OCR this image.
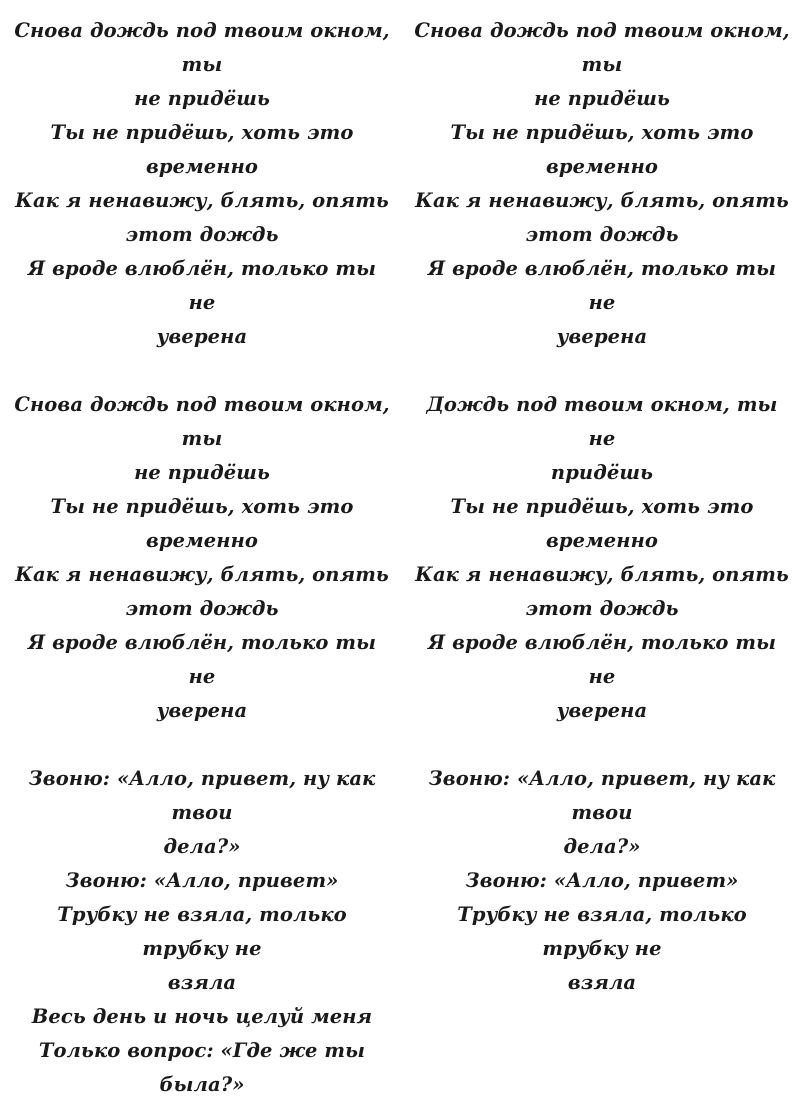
Снова дождь под твоим окном, ты
не придёшь
Ты не придёшь, хоть это временно
Как я ненавижу, блять, опять
этот дождь
Я вроде влюблён, только ты не
уверена
Снова дождь под твоим окном, ты
не придёшь
Ты не придёшь, хоть это временно
Как я ненавижу, блять, опять
этот дождь
Я вроде влюблён, только ты не
уверена
Звоню: «Алло, привет, ну как твои
дела?»
Звоню: «Алло, привет»
Трубку не взяла, только трубку не
взяла
Весь день и ночь целуй меня
Только вопрос: «Где же ты была?»
Снова дождь под твоим окном, ты
не придёшь
Ты не придёшь, хоть это временно
Как я ненавижу, блять, опять
этот дождь
Я вроде влюблён, только ты не
уверена
Дождь под твоим окном, ты не
придёшь
Ты не придёшь, хоть это временно
Как я ненавижу, блять, опять
этот дождь
Я вроде влюблён, только ты не
уверена
Звоню: «Алло, привет, ну как твои
дела?»
Звоню: «Алло, привет»
Трубку не взяла, только трубку не
взяла
